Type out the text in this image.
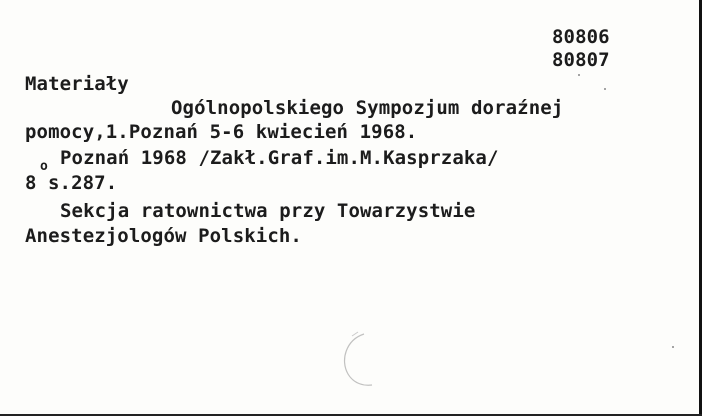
80806
80807
Materiały
Ogólnopolskiego Sympozjum doraźnej
pomocy,1.Poznań 5-6 kwiecień 1968.
Poznań 1968 /Zakł.Graf.im.M.Kasprzaka/
8
o
s.287.
Sekcja ratownictwa przy Towarzystwie
Anestezjologów Polskich.
